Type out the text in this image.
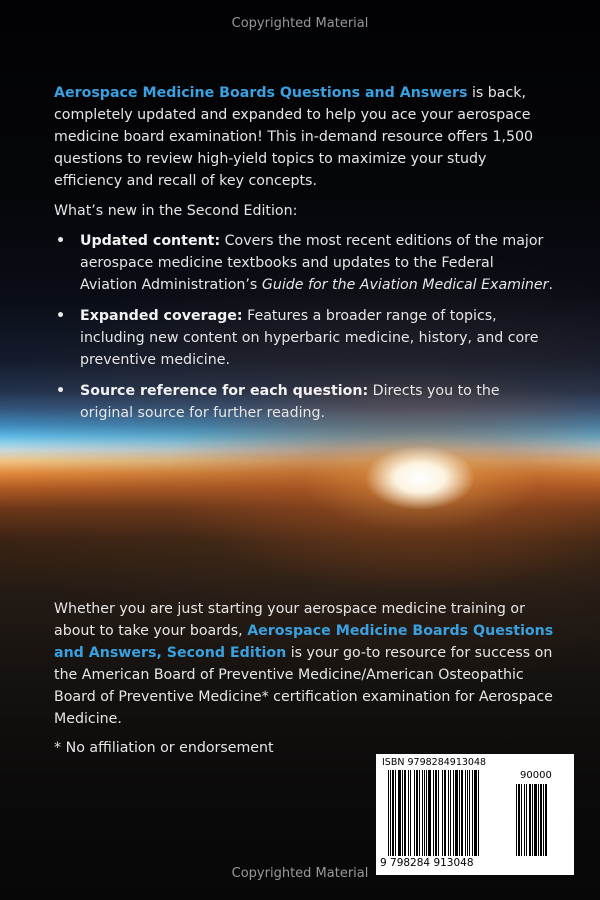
Copyrighted Material

Aerospace Medicine Boards Questions and Answers is back, completely updated and expanded to help you ace your aerospace medicine board examination! This in-demand resource offers 1,500 questions to review high-yield topics to maximize your study efficiency and recall of key concepts.

What’s new in the Second Edition:

• Updated content: Covers the most recent editions of the major aerospace medicine textbooks and updates to the Federal Aviation Administration’s Guide for the Aviation Medical Examiner.
• Expanded coverage: Features a broader range of topics, including new content on hyperbaric medicine, history, and core preventive medicine.
• Source reference for each question: Directs you to the original source for further reading.

Whether you are just starting your aerospace medicine training or about to take your boards, Aerospace Medicine Boards Questions and Answers, Second Edition is your go-to resource for success on the American Board of Preventive Medicine/American Osteopathic Board of Preventive Medicine* certification examination for Aerospace Medicine.

* No affiliation or endorsement

ISBN 9798284913048
90000
9 798284 913048
Copyrighted Material
